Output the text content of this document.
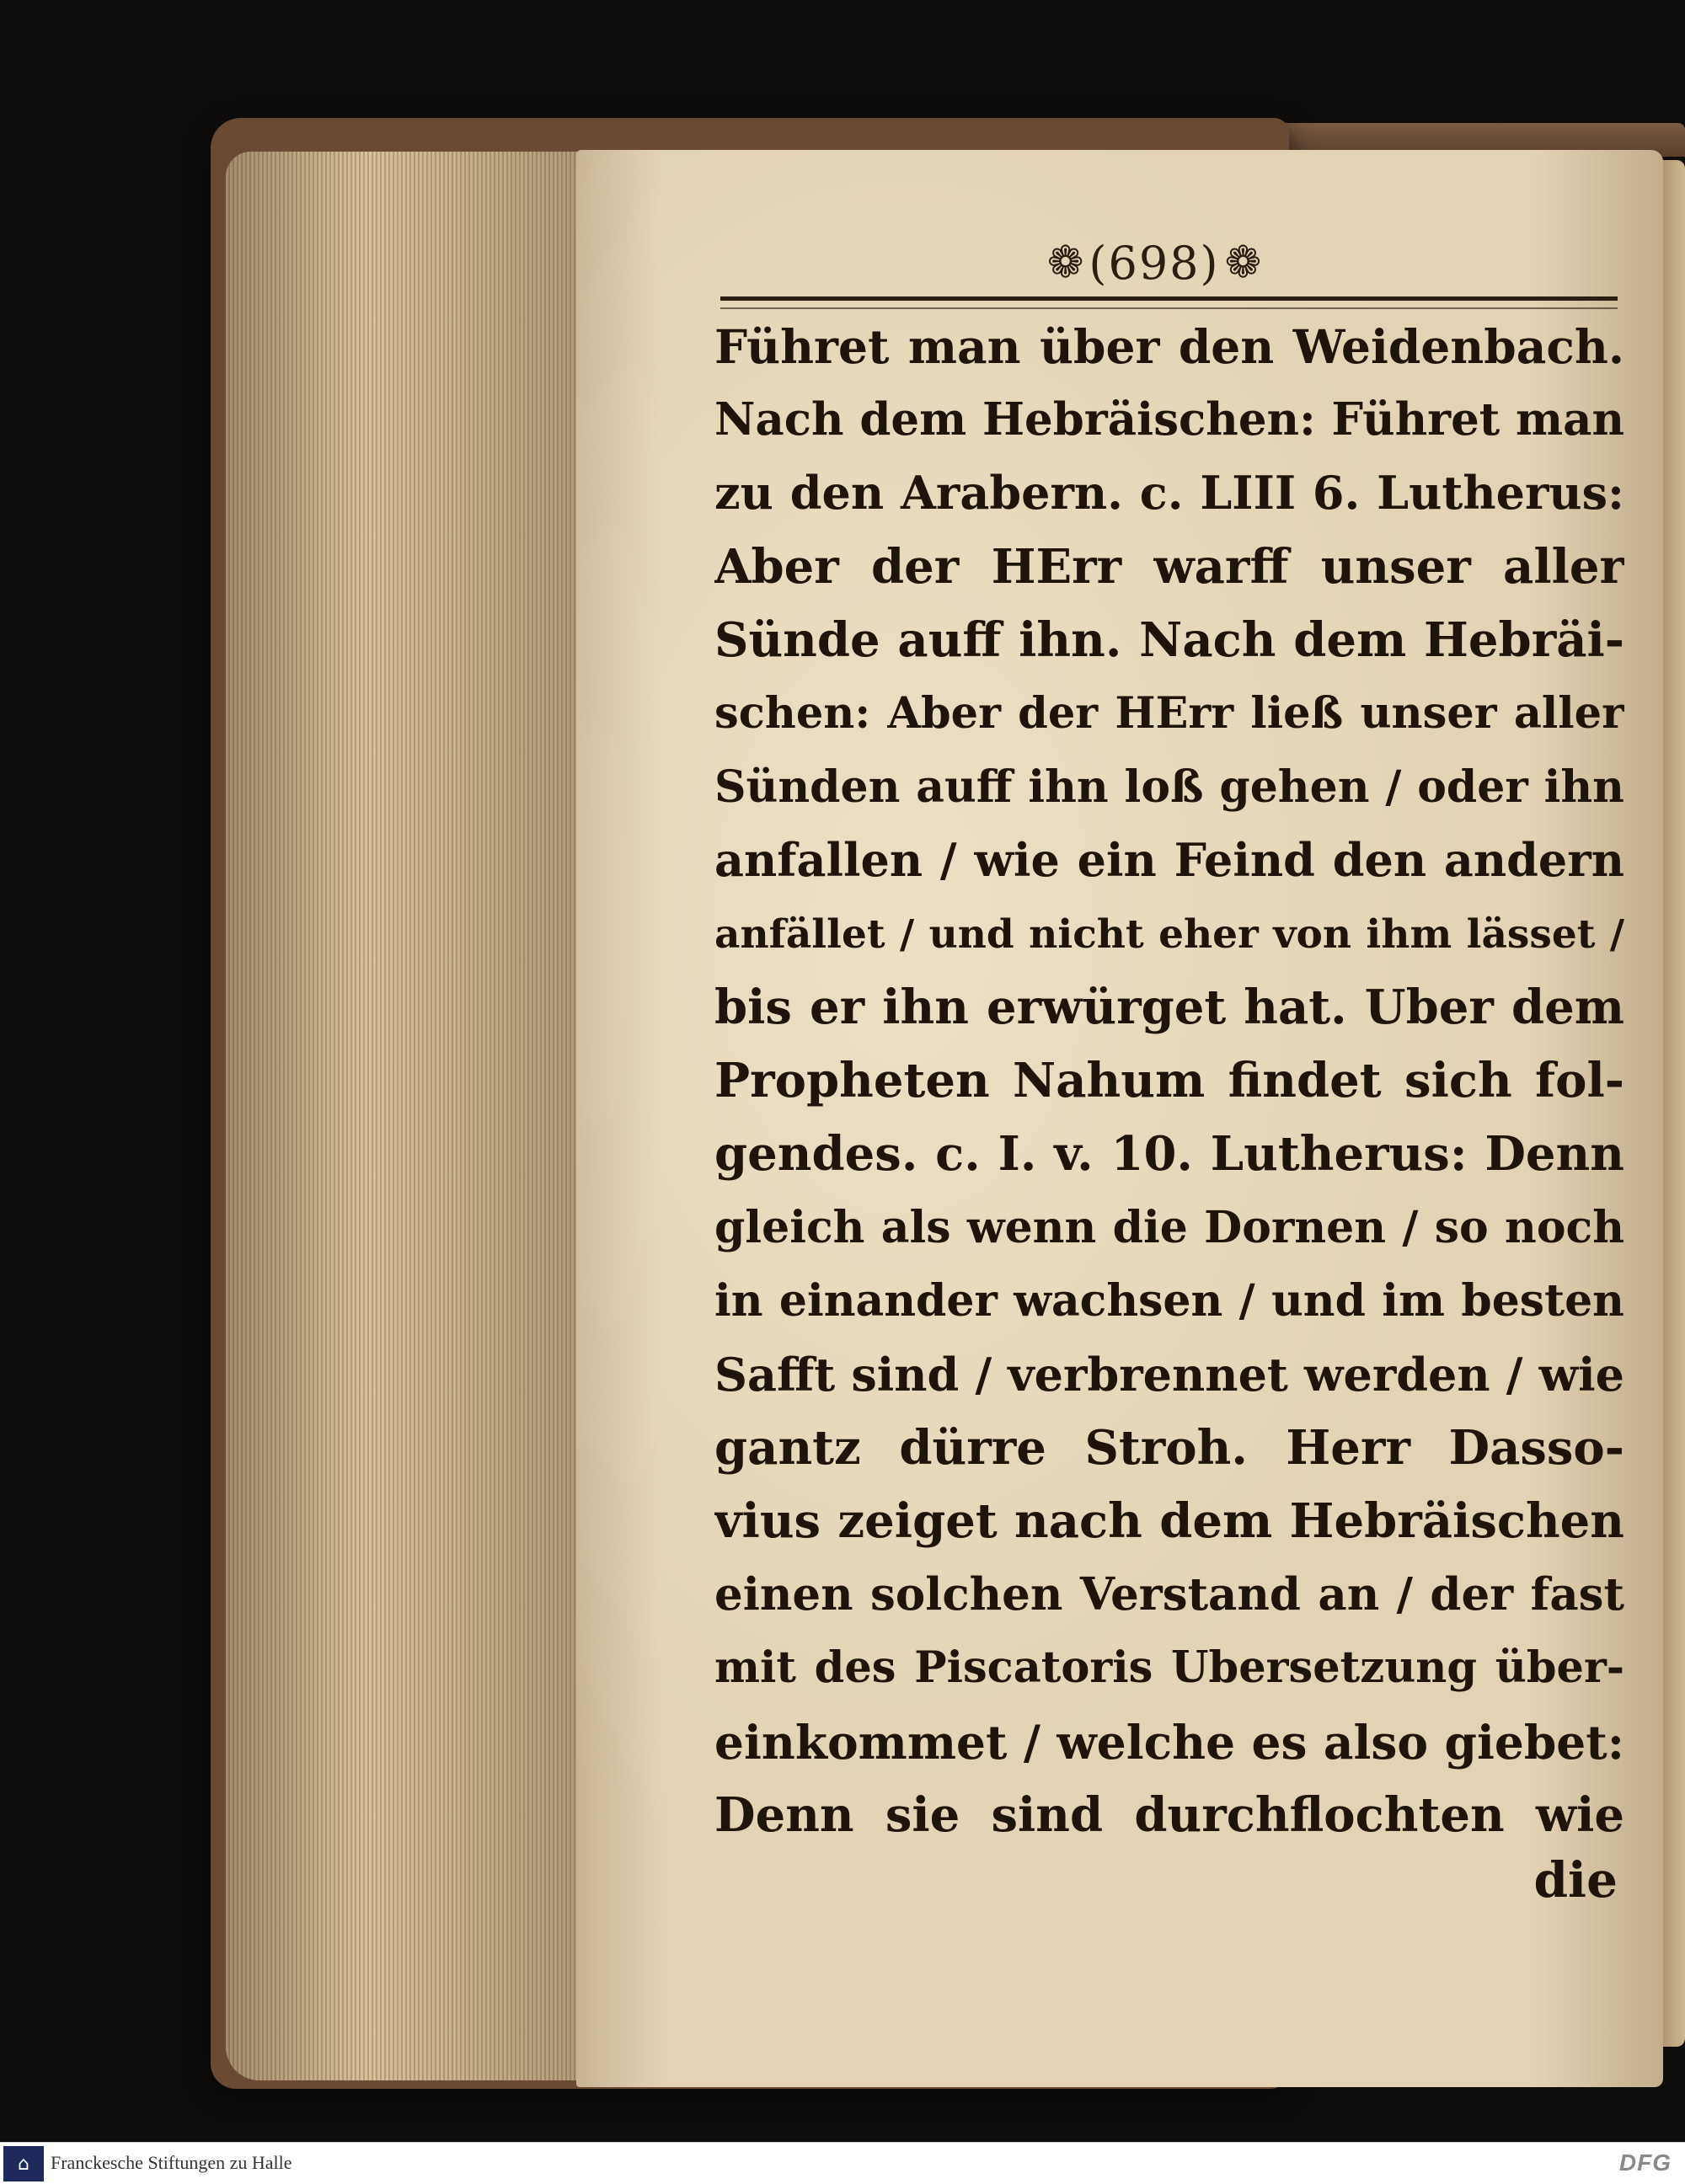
❁ (698) ❁
Führet man über den Weidenbach.
Nach dem Hebräischen: Führet man
zu den Arabern. c. LIII 6. Lutherus:
Aber der HErr warff unser aller
Sünde auff ihn. Nach dem Hebräi-
schen: Aber der HErr ließ unser aller
Sünden auff ihn loß gehen / oder ihn
anfallen / wie ein Feind den andern
anfället / und nicht eher von ihm lässet /
bis er ihn erwürget hat. Uber dem
Propheten Nahum findet sich fol-
gendes. c. I. v. 10. Lutherus: Denn
gleich als wenn die Dornen / so noch
in einander wachsen / und im besten
Safft sind / verbrennet werden / wie
gantz dürre Stroh. Herr Dasso-
vius zeiget nach dem Hebräischen
einen solchen Verstand an / der fast
mit des Piscatoris Ubersetzung über-
einkommet / welche es also giebet:
Denn sie sind durchflochten wie
die
⌂	Franckesche Stiftungen zu Halle	DFG
